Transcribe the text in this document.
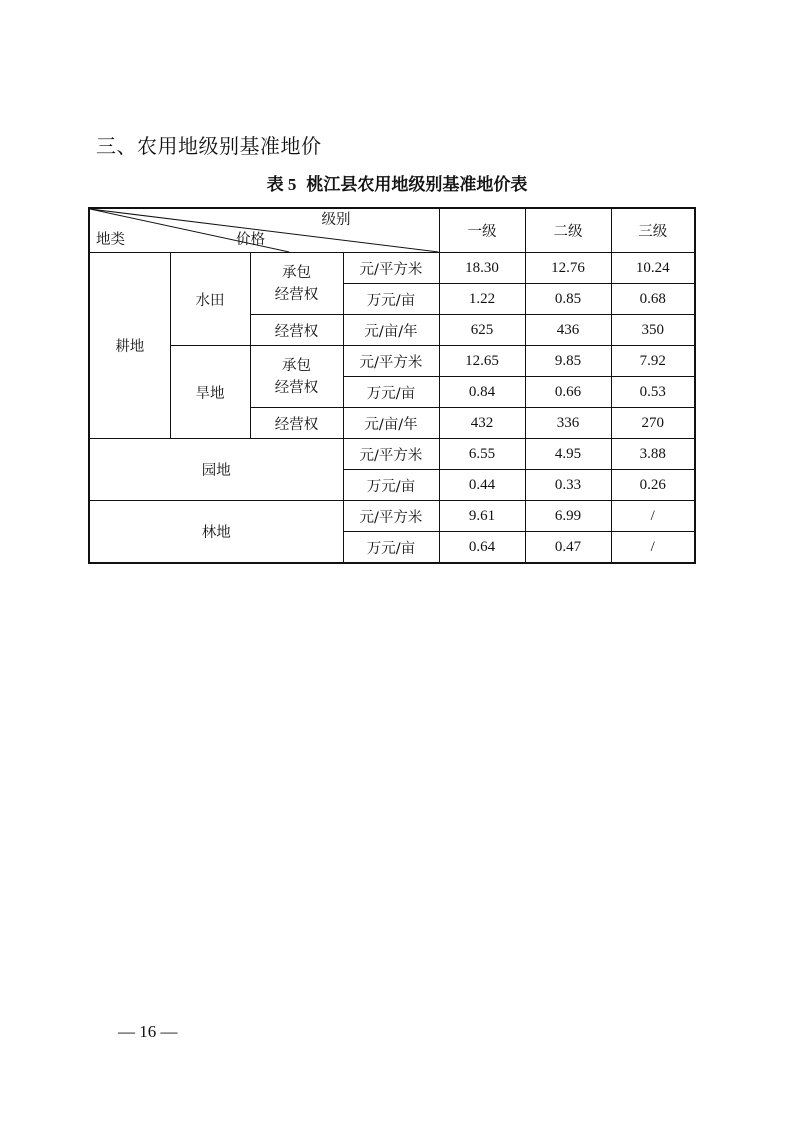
三、农用地级别基准地价
表 5 桃江县农用地级别基准地价表
级别
地类 价格				一级	二级	三级
耕地	水田	承包
经营权	元/平方米	18.30	12.76	10.24
			万元/亩	1.22	0.85	0.68
		经营权	元/亩/年	625	436	350
	旱地	承包
经营权	元/平方米	12.65	9.85	7.92
			万元/亩	0.84	0.66	0.53
		经营权	元/亩/年	432	336	270
园地			元/平方米	6.55	4.95	3.88
			万元/亩	0.44	0.33	0.26
林地			元/平方米	9.61	6.99	/
			万元/亩	0.64	0.47	/
— 16 —
